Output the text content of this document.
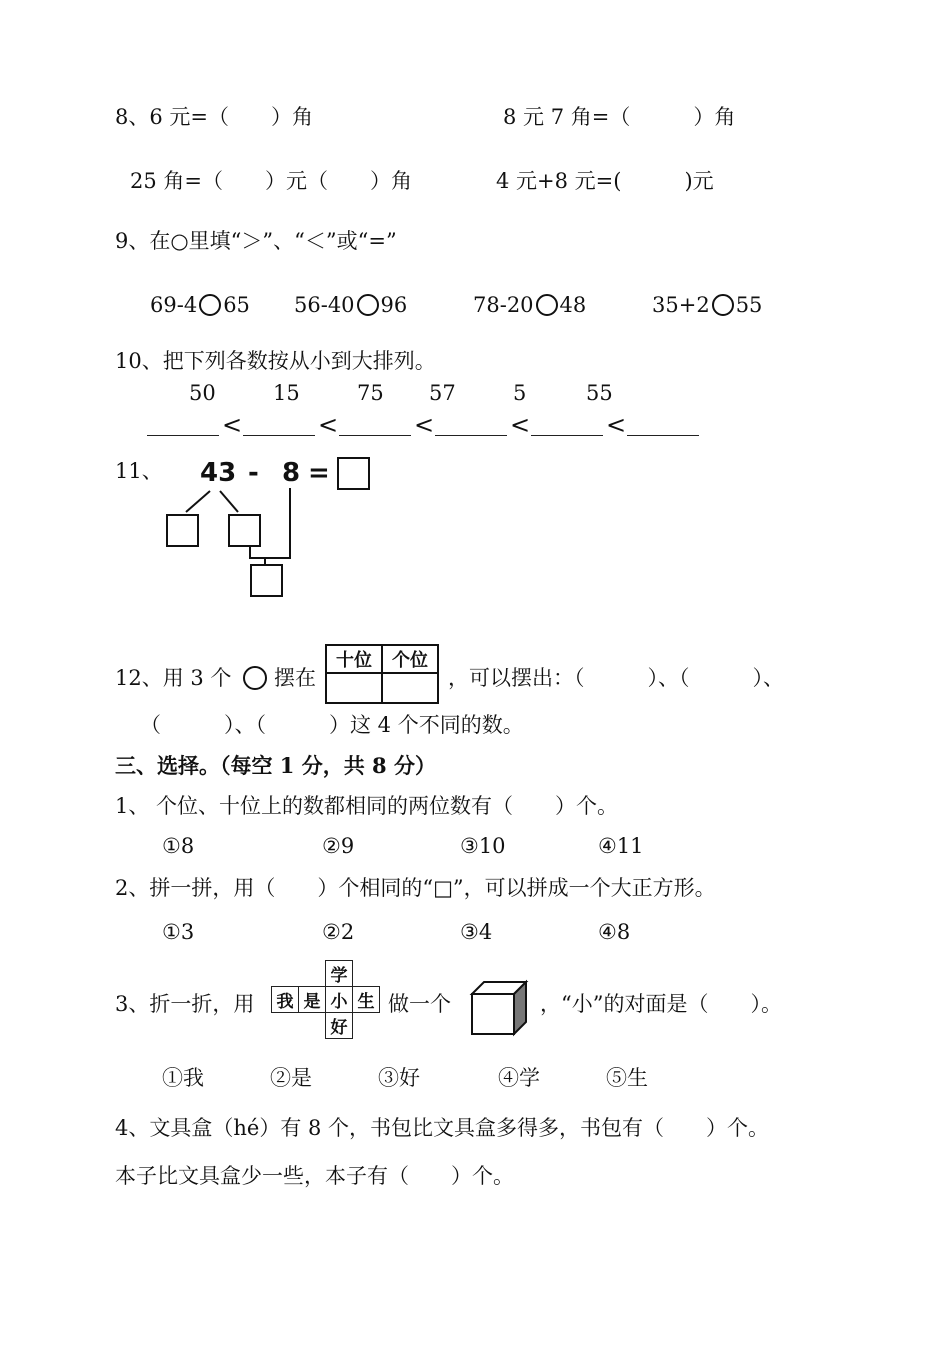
8、6 元=（　　）角	8 元 7 角=（　　　）角
25 角=（　　）元（　　）角	4 元+8 元=(　　　)元
9、在○里填“＞”、“＜”或“=”
69-4 65 56-40 96	78-20 48	35+2 55
10、把下列各数按从小到大排列。
50	15	75 57	5	55
<	<	<	<	<
11、 43 - 8 =
12、用 3 个 摆在
十位	个位

，可以摆出：（　　　）、（　　　）、
（　　　）、（　　　）这 4 个不同的数。
三、选择。（每空 1 分，共 8 分）
1、 个位、十位上的数都相同的两位数有（　　）个。
①8	②9	③10	④11
2、拼一拼，用（　　）个相同的“□”，可以拼成一个大正方形。
①3	②2	③4	④8
3、折一折，用
		学	
我	是	小	生
		好	
做一个	，“小”的对面是（　　）。
①我	②是	③好	④学	⑤生
4、文具盒（hé）有 8 个，书包比文具盒多得多，书包有（　　）个。
本子比文具盒少一些，本子有（　　）个。
